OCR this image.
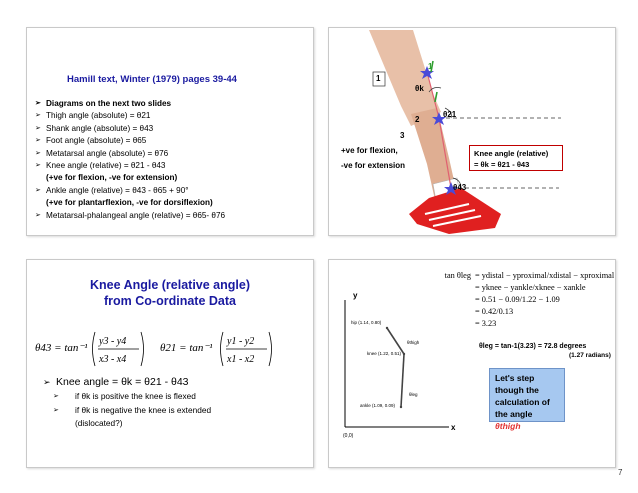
Hamill text, Winter (1979) pages 39-44
➢ Diagrams on the next two slides
➢ Thigh angle (absolute) = θ21
➢ Shank angle (absolute) = θ43
➢ Foot angle (absolute) = θ65
➢ Metatarsal angle (absolute) = θ76
➢ Knee angle (relative) = θ21 - θ43
(+ve for flexion, -ve for extension)
➢ Ankle angle (relative) = θ43 - θ65 + 90°
(+ve for plantarflexion, -ve for dorsiflexion)
➢ Metatarsal-phalangeal angle (relative) = θ65- θ76
1
1
θk
θ21
2
3
θ43
+ve for flexion,
-ve for extension
Knee angle (relative)
= θk = θ21 - θ43
Knee Angle (relative angle)
from Co-ordinate Data
θ43 = tan⁻¹
y3 - y4
x3 - x4
θ21 = tan⁻¹
y1 - y2
x1 - x2
➢ Knee angle = θk = θ21 - θ43
➢	if θk is positive the knee is flexed
➢	if θk is negative the knee is extended
(dislocated?)
tan θleg = ydistal − yproximal/xdistal − xproximal
= yknee − yankle/xknee − xankle
= 0.51 − 0.09/1.22 − 1.09
= 0.42/0.13
= 3.23
θleg = tan-1(3.23) = 72.8 degrees
(1.27 radians)
y
x
(0,0)
hip (1.14, 0.80)
knee (1.22, 0.51)
ankle (1.09, 0.09)
θthigh
θleg
Let's step
though the
calculation of
the angle θthigh
7
